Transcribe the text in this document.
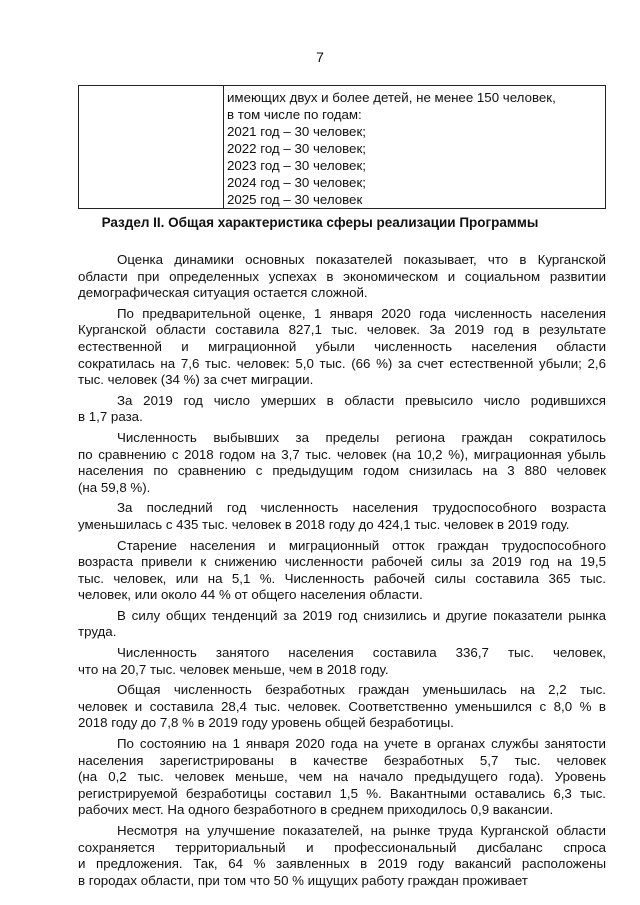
7

имеющих двух и более детей, не менее 150 человек,
в том числе по годам:
2021 год – 30 человек;
2022 год – 30 человек;
2023 год – 30 человек;
2024 год – 30 человек;
2025 год – 30 человек
Раздел II. Общая характеристика сферы реализации Программы
Оценка динамики основных показателей показывает, что в Курганской
области при определенных успехах в экономическом и социальном развитии
демографическая ситуация остается сложной.
По предварительной оценке, 1 января 2020 года численность населения
Курганской области составила 827,1 тыс. человек. За 2019 год в результате
естественной и миграционной убыли численность населения области
сократилась на 7,6 тыс. человек: 5,0 тыс. (66 %) за счет естественной убыли; 2,6
тыс. человек (34 %) за счет миграции.
За 2019 год число умерших в области превысило число родившихся
в 1,7 раза.
Численность выбывших за пределы региона граждан сократилось
по сравнению с 2018 годом на 3,7 тыс. человек (на 10,2 %), миграционная убыль
населения по сравнению с предыдущим годом снизилась на 3 880 человек
(на 59,8 %).
За последний год численность населения трудоспособного возраста
уменьшилась с 435 тыс. человек в 2018 году до 424,1 тыс. человек в 2019 году.
Старение населения и миграционный отток граждан трудоспособного
возраста привели к снижению численности рабочей силы за 2019 год на 19,5
тыс. человек, или на 5,1 %. Численность рабочей силы составила 365 тыс.
человек, или около 44 % от общего населения области.
В силу общих тенденций за 2019 год снизились и другие показатели рынка
труда.
Численность занятого населения составила 336,7 тыс. человек,
что на 20,7 тыс. человек меньше, чем в 2018 году.
Общая численность безработных граждан уменьшилась на 2,2 тыс.
человек и составила 28,4 тыс. человек. Соответственно уменьшился с 8,0 % в
2018 году до 7,8 % в 2019 году уровень общей безработицы.
По состоянию на 1 января 2020 года на учете в органах службы занятости
населения зарегистрированы в качестве безработных 5,7 тыс. человек
(на 0,2 тыс. человек меньше, чем на начало предыдущего года). Уровень
регистрируемой безработицы составил 1,5 %. Вакантными оставались 6,3 тыс.
рабочих мест. На одного безработного в среднем приходилось 0,9 вакансии.
Несмотря на улучшение показателей, на рынке труда Курганской области
сохраняется территориальный и профессиональный дисбаланс спроса
и предложения. Так, 64 % заявленных в 2019 году вакансий расположены
в городах области, при том что 50 % ищущих работу граждан проживает
